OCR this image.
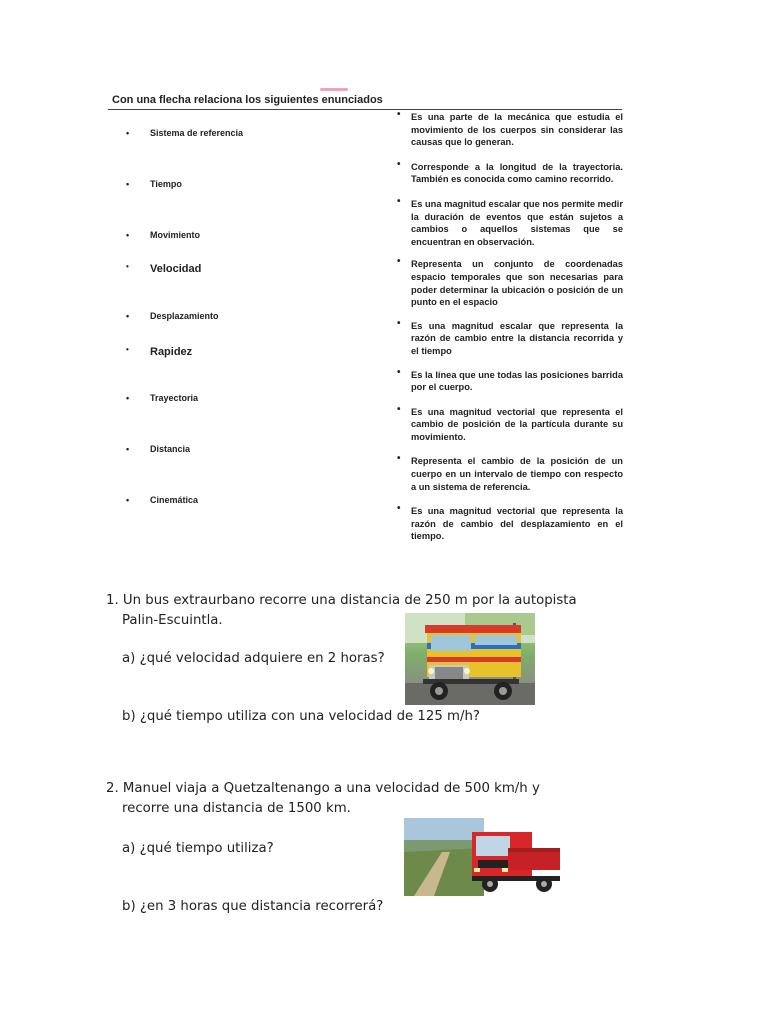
Con una flecha relaciona los siguientes enunciados
• Sistema de referencia
• Tiempo
• Movimiento
• Velocidad
• Desplazamiento
• Rapidez
• Trayectoria
• Distancia
• Cinemática
• Es una parte de la mecánica que estudia el movimiento de los cuerpos sin considerar las causas que lo generan.
• Corresponde a la longitud de la trayectoria. También es conocida como camino recorrido.
• Es una magnitud escalar que nos permite medir la duración de eventos que están sujetos a cambios o aquellos sistemas que se encuentran en observación.
• Representa un conjunto de coordenadas espacio temporales que son necesarias para poder determinar la ubicación o posición de un punto en el espacio
• Es una magnitud escalar que representa la razón de cambio entre la distancia recorrida y el tiempo
• Es la línea que une todas las posiciones barrida por el cuerpo.
• Es una magnitud vectorial que representa el cambio de posición de la partícula durante su movimiento.
• Representa el cambio de la posición de un cuerpo en un intervalo de tiempo con respecto a un sistema de referencia.
• Es una magnitud vectorial que representa la razón de cambio del desplazamiento en el tiempo.
1. Un bus extraurbano recorre una distancia de 250 m por la autopista
Palin-Escuintla.
a) ¿qué velocidad adquiere en 2 horas?
b) ¿qué tiempo utiliza con una velocidad de 125 m/h?
2. Manuel viaja a Quetzaltenango a una velocidad de 500 km/h y
recorre una distancia de 1500 km.
a) ¿qué tiempo utiliza?
b) ¿en 3 horas que distancia recorrerá?
